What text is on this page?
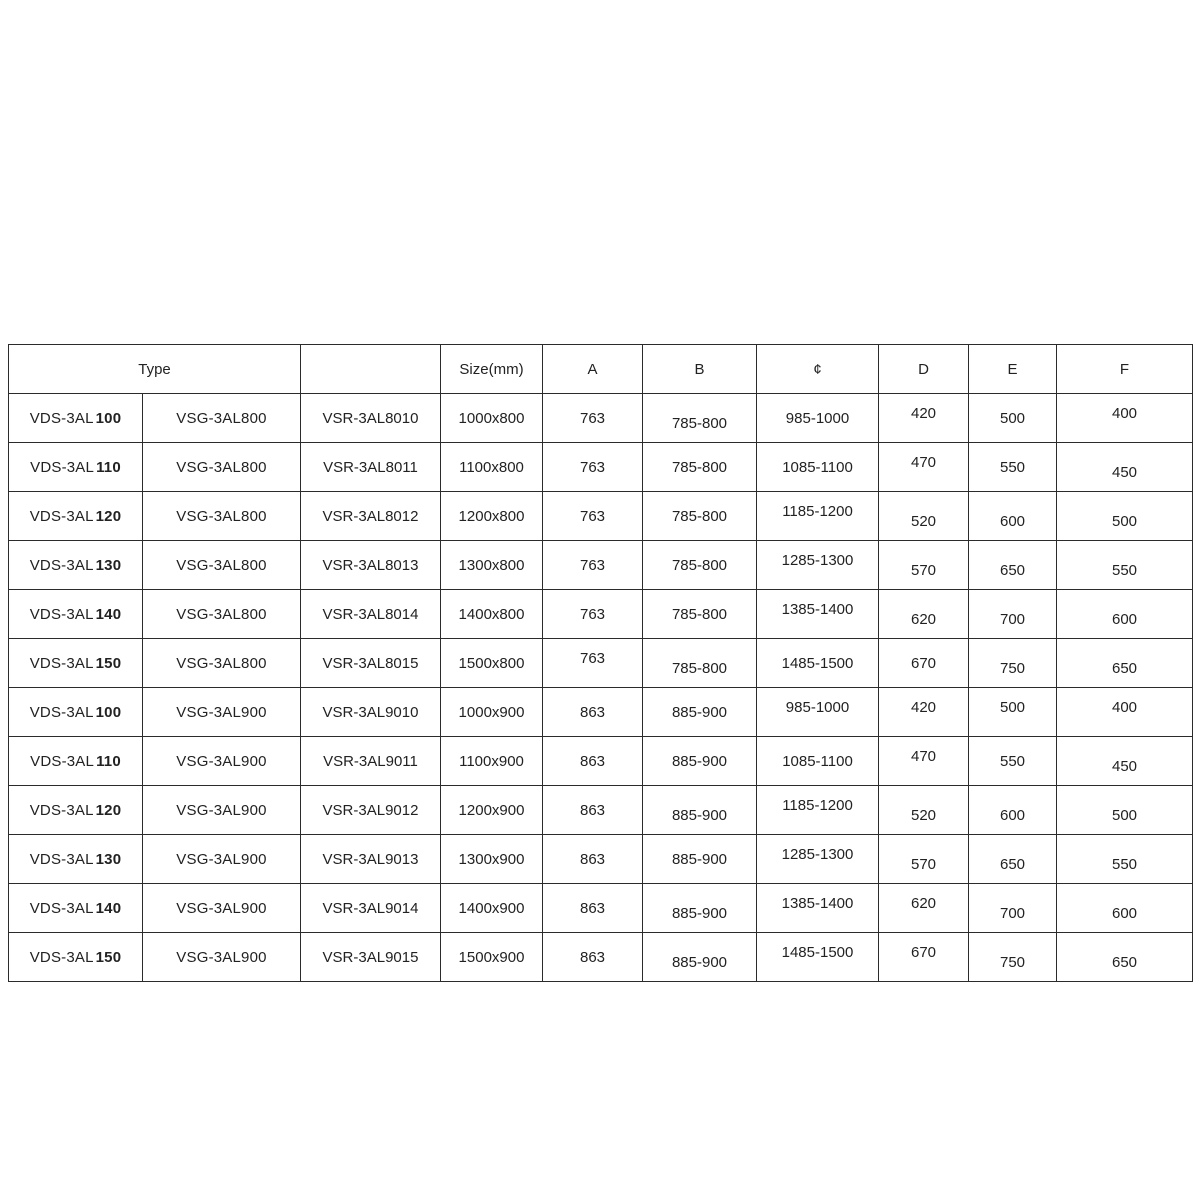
Type			Size(mm)	A	B	¢	D	E	F
VDS-3AL 100	VSG-3AL800	VSR-3AL8010	1000x800	763	785-800	985-1000	420	500	400
VDS-3AL 110	VSG-3AL800	VSR-3AL8011	1100x800	763	785-800	1085-1100	470	550	450
VDS-3AL 120	VSG-3AL800	VSR-3AL8012	1200x800	763	785-800	1185-1200	520	600	500
VDS-3AL 130	VSG-3AL800	VSR-3AL8013	1300x800	763	785-800	1285-1300	570	650	550
VDS-3AL 140	VSG-3AL800	VSR-3AL8014	1400x800	763	785-800	1385-1400	620	700	600
VDS-3AL 150	VSG-3AL800	VSR-3AL8015	1500x800	763	785-800	1485-1500	670	750	650
VDS-3AL 100	VSG-3AL900	VSR-3AL9010	1000x900	863	885-900	985-1000	420	500	400
VDS-3AL 110	VSG-3AL900	VSR-3AL9011	1100x900	863	885-900	1085-1100	470	550	450
VDS-3AL 120	VSG-3AL900	VSR-3AL9012	1200x900	863	885-900	1185-1200	520	600	500
VDS-3AL 130	VSG-3AL900	VSR-3AL9013	1300x900	863	885-900	1285-1300	570	650	550
VDS-3AL 140	VSG-3AL900	VSR-3AL9014	1400x900	863	885-900	1385-1400	620	700	600
VDS-3AL 150	VSG-3AL900	VSR-3AL9015	1500x900	863	885-900	1485-1500	670	750	650
